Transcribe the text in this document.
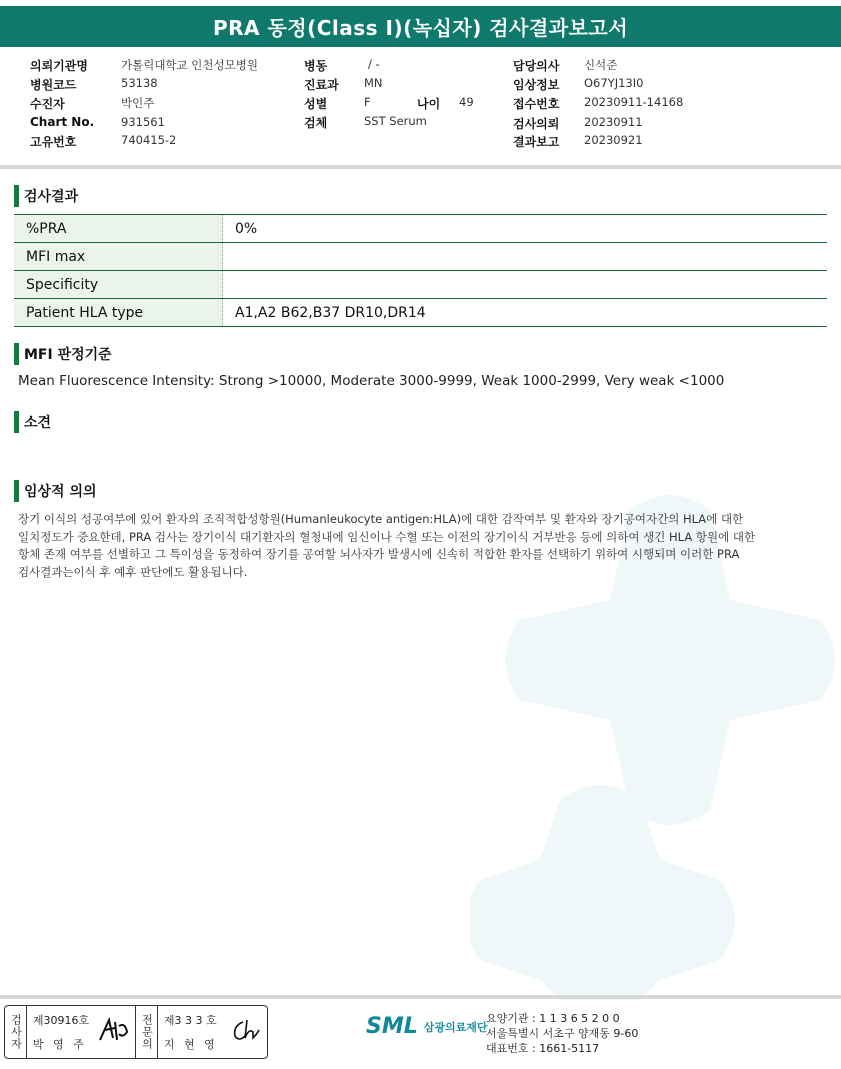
PRA 동정(Class I)(녹십자) 검사결과보고서
의뢰기관명	가톨릭대학교 인천성모병원
병원코드	53138
수진자	박인주
Chart No. 931561
고유번호	740415-2
병동	/ -
진료과 MN
성별	F	나이 49
검체	SST Serum
담당의사 신석준
임상정보 O67YJ13I0
접수번호 20230911-14168
검사의뢰 20230911
결과보고 20230921
검사결과
%PRA	0%
MFI max
Specificity
Patient HLA type	A1,A2 B62,B37 DR10,DR14
MFI 판정기준
Mean Fluorescence Intensity: Strong >10000, Moderate 3000-9999, Weak 1000-2999, Very weak <1000
소견
임상적 의의
장기 이식의 성공여부에 있어 환자의 조직적합성항원(Humanleukocyte antigen:HLA)에 대한 감작여부 및 환자와 장기공여자간의 HLA에 대한
일치정도가 중요한데, PRA 검사는 장기이식 대기환자의 혈청내에 임신이나 수혈 또는 이전의 장기이식 거부반응 등에 의하여 생긴 HLA 항원에 대한
항체 존재 여부를 선별하고 그 특이성을 동정하여 장기를 공여할 뇌사자가 발생시에 신속히 적합한 환자를 선택하기 위하여 시행되며 이러한 PRA
검사결과는이식 후 예후 판단에도 활용됩니다.
검사자 제30916호
박 영 주	전문의 제3 3 3 호
지 현 영
SML 삼광의료재단
요양기관 : 1 1 3 6 5 2 0 0
서울특별시 서초구 양재동 9-60
대표번호 : 1661-5117
